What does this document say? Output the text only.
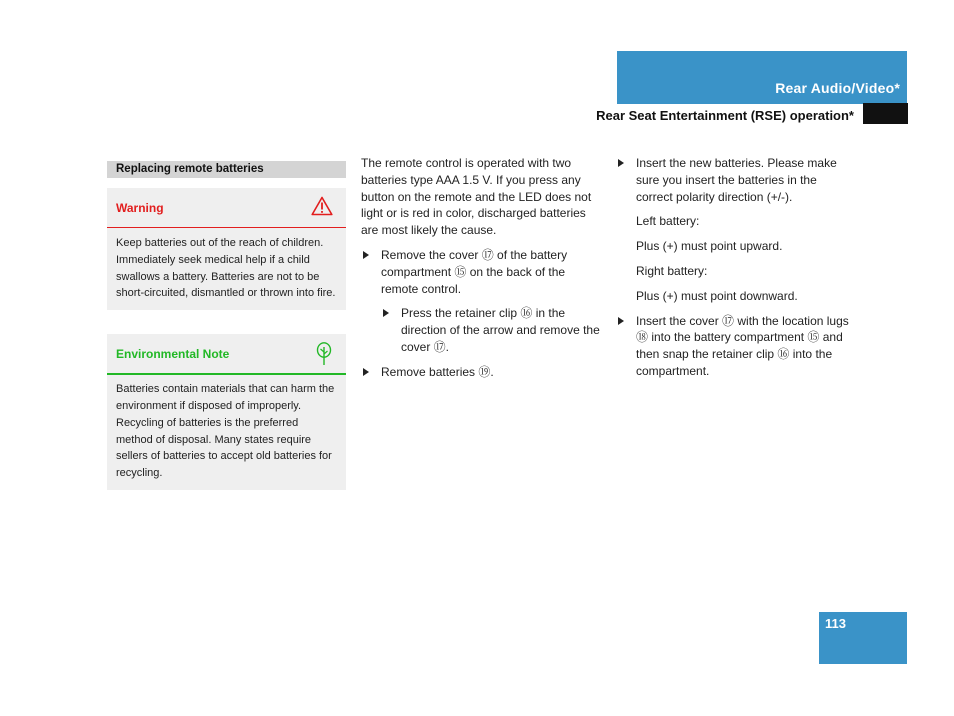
Rear Audio/Video*
Rear Seat Entertainment (RSE) operation*
Replacing remote batteries
Warning
Keep batteries out of the reach of children. Immediately seek medical help if a child swallows a battery. Batteries are not to be short-circuited, dismantled or thrown into fire.
Environmental Note
Batteries contain materials that can harm the environment if disposed of improperly. Recycling of batteries is the preferred method of disposal. Many states require sellers of batteries to accept old batteries for recycling.

The remote control is operated with two batteries type AAA 1.5 V. If you press any button on the remote and the LED does not light or is red in color, discharged batteries are most likely the cause.

Remove the cover ⑰ of the battery compartment ⑮ on the back of the remote control.
Press the retainer clip ⑯ in the direction of the arrow and remove the cover ⑰.
Remove batteries ⑲.
Insert the new batteries. Please make sure you insert the batteries in the correct polarity direction (+/-).

Left battery:

Plus (+) must point upward.

Right battery:

Plus (+) must point downward.

Insert the cover ⑰ with the location lugs ⑱ into the battery compartment ⑮ and then snap the retainer clip ⑯ into the compartment.
113
